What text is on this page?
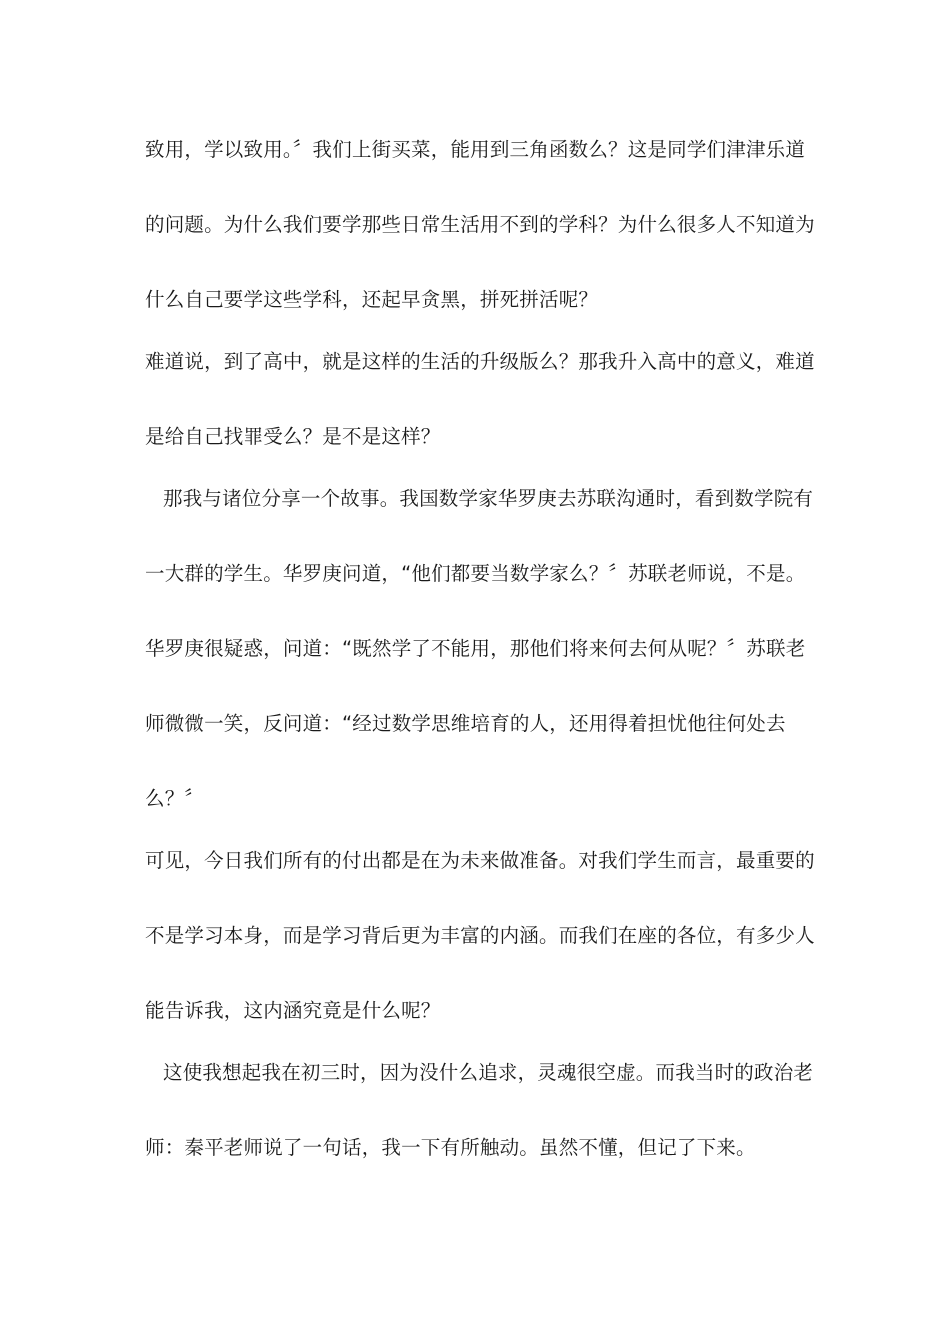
致用，学以致用。〞我们上街买菜，能用到三角函数么？这是同学们津津乐道
的问题。为什么我们要学那些日常生活用不到的学科？为什么很多人不知道为
什么自己要学这些学科，还起早贪黑，拼死拼活呢？
难道说，到了高中，就是这样的生活的升级版么？那我升入高中的意义，难道
是给自己找罪受么？是不是这样？
那我与诸位分享一个故事。我国数学家华罗庚去苏联沟通时，看到数学院有
一大群的学生。华罗庚问道，“他们都要当数学家么？〞苏联老师说，不是。
华罗庚很疑惑，问道：“既然学了不能用，那他们将来何去何从呢？〞苏联老
师微微一笑，反问道：“经过数学思维培育的人，还用得着担忧他往何处去
么？〞
可见，今日我们所有的付出都是在为未来做准备。对我们学生而言，最重要的
不是学习本身，而是学习背后更为丰富的内涵。而我们在座的各位，有多少人
能告诉我，这内涵究竟是什么呢？
这使我想起我在初三时，因为没什么追求，灵魂很空虚。而我当时的政治老
师：秦平老师说了一句话，我一下有所触动。虽然不懂，但记了下来。
